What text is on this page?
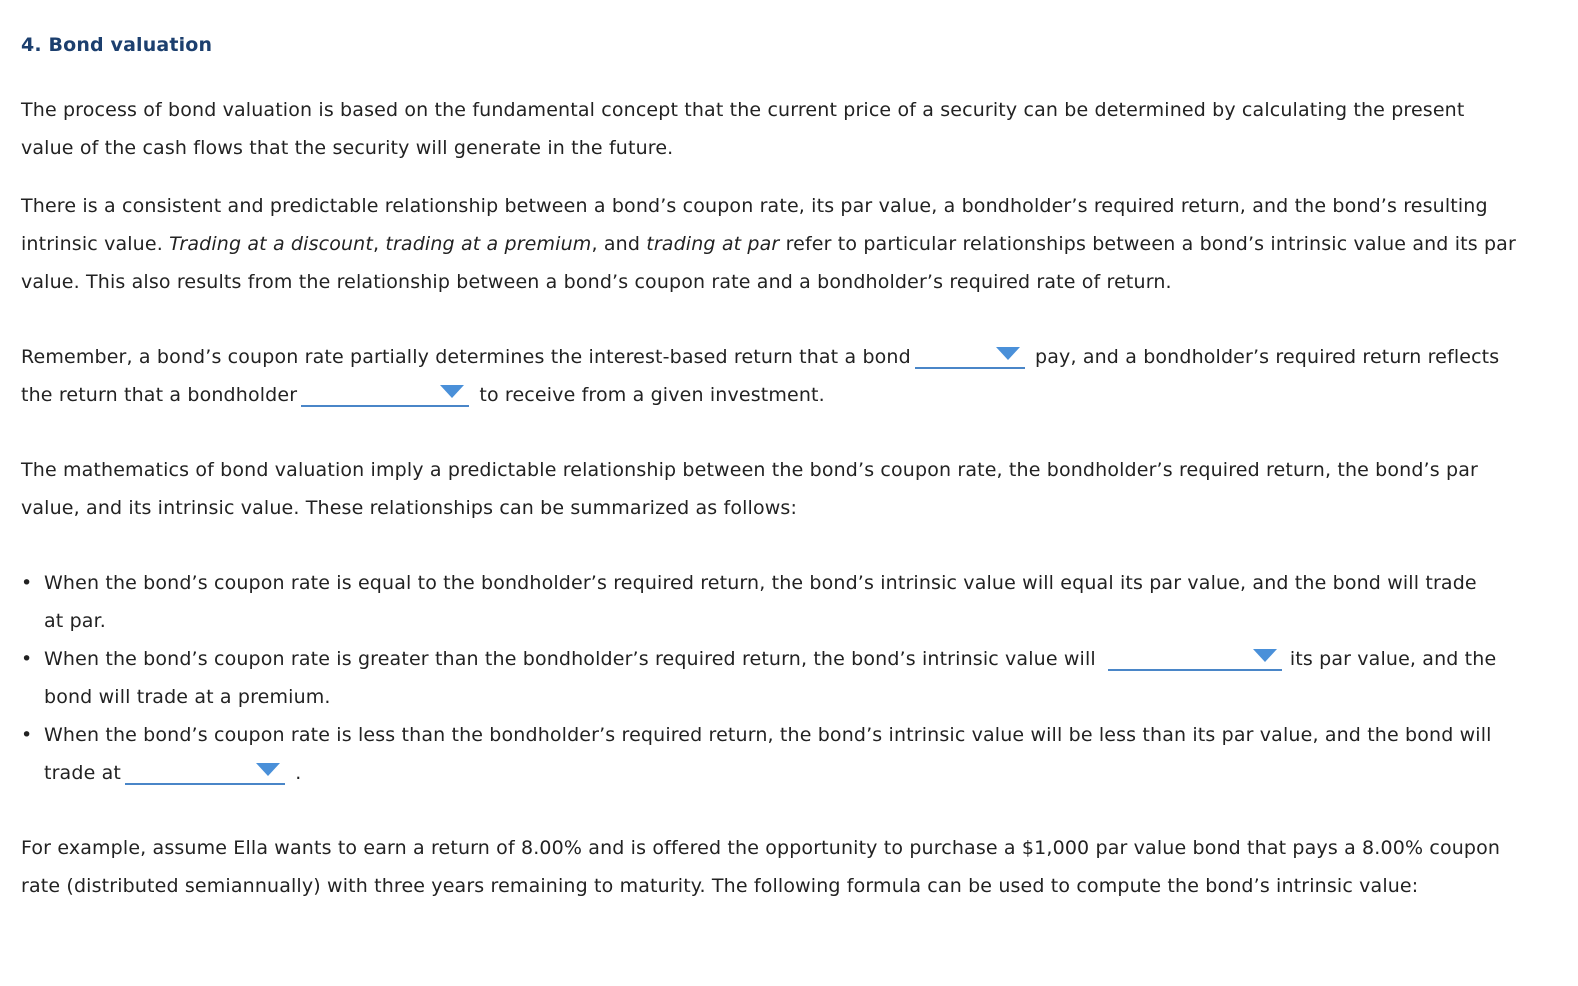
4. Bond valuation

The process of bond valuation is based on the fundamental concept that the current price of a security can be determined by calculating the present value of the cash flows that the security will generate in the future.

There is a consistent and predictable relationship between a bond’s coupon rate, its par value, a bondholder’s required return, and the bond’s resulting intrinsic value. Trading at a discount, trading at a premium, and trading at par refer to particular relationships between a bond’s intrinsic value and its par value. This also results from the relationship between a bond’s coupon rate and a bondholder’s required rate of return.

Remember, a bond’s coupon rate partially determines the interest-based return that a bond	pay, and a bondholder’s required return reflects the return that a bondholder	to receive from a given investment.

The mathematics of bond valuation imply a predictable relationship between the bond’s coupon rate, the bondholder’s required return, the bond’s par value, and its intrinsic value. These relationships can be summarized as follows:

• When the bond’s coupon rate is equal to the bondholder’s required return, the bond’s intrinsic value will equal its par value, and the bond will trade at par.
• When the bond’s coupon rate is greater than the bondholder’s required return, the bond’s intrinsic value will	its par value, and the bond will trade at a premium.
• When the bond’s coupon rate is less than the bondholder’s required return, the bond’s intrinsic value will be less than its par value, and the bond will trade at	.

For example, assume Ella wants to earn a return of 8.00% and is offered the opportunity to purchase a $1,000 par value bond that pays a 8.00% coupon rate (distributed semiannually) with three years remaining to maturity. The following formula can be used to compute the bond’s intrinsic value:
